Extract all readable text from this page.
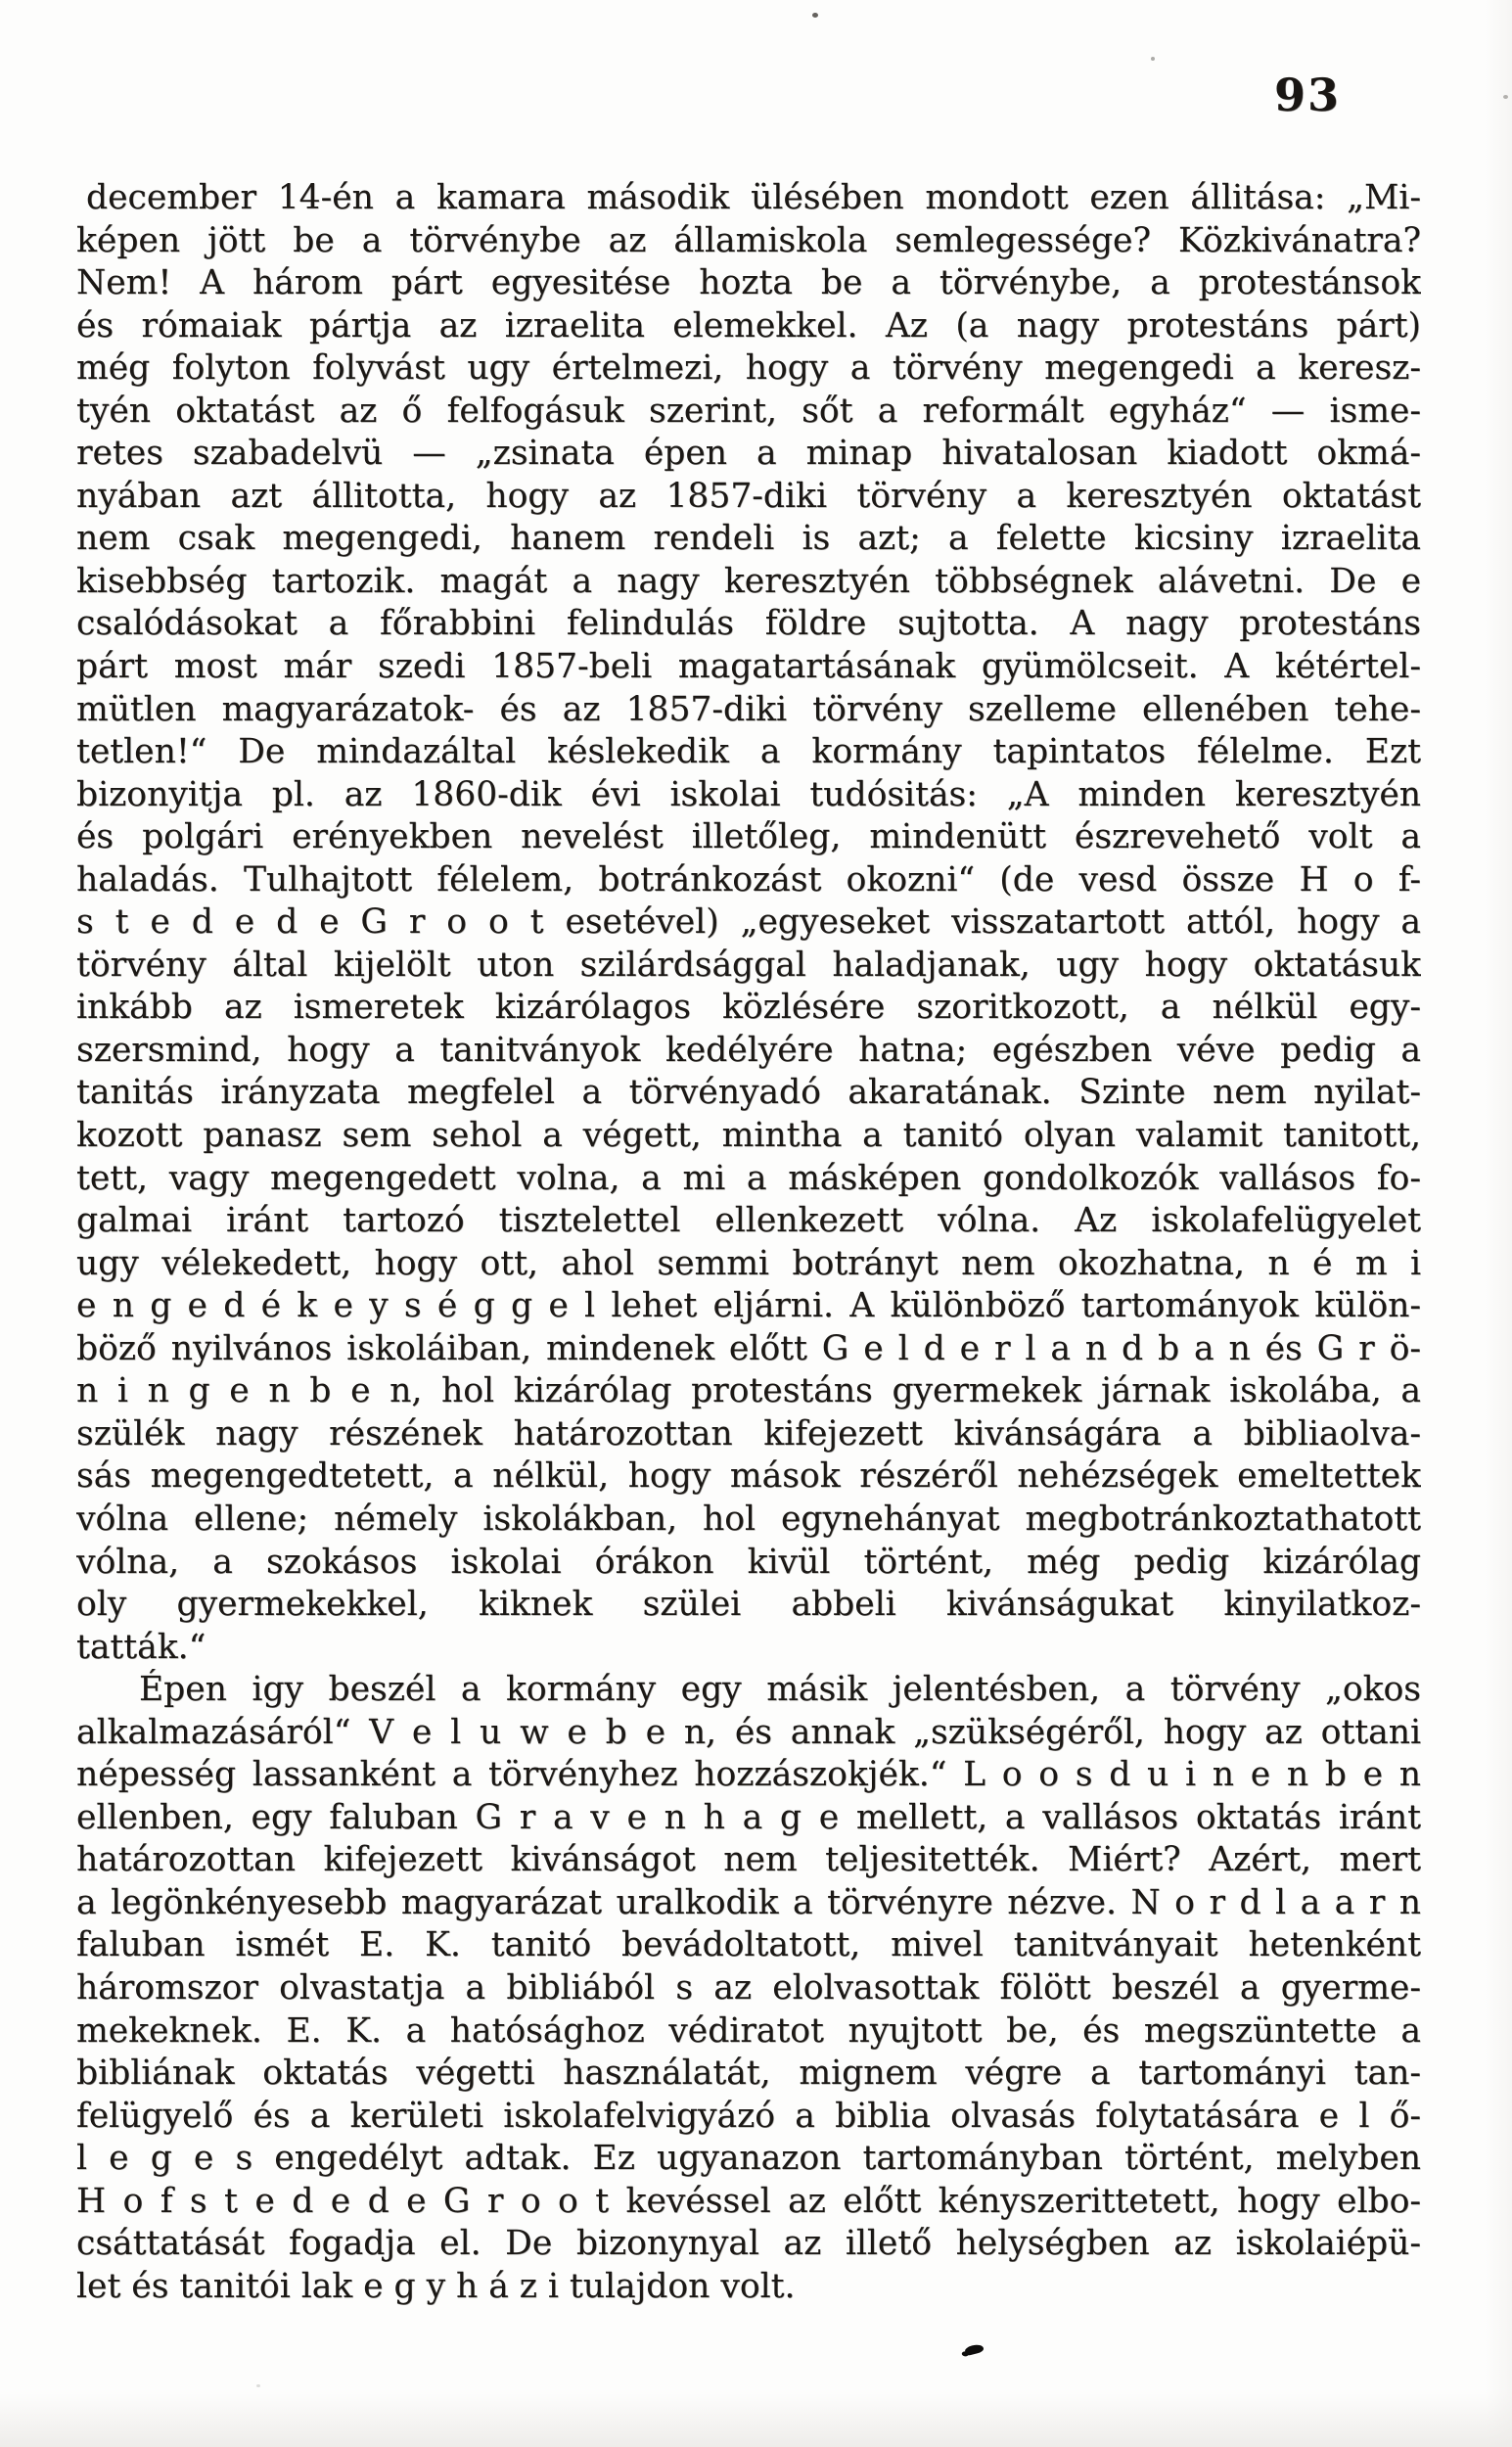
93
december 14-én a kamara második ülésében mondott ezen állitása: „Mi-
képen jött be a törvénybe az államiskola semlegessége? Közkivánatra?
Nem! A három párt egyesitése hozta be a törvénybe, a protestánsok
és rómaiak pártja az izraelita elemekkel. Az (a nagy protestáns párt)
még folyton folyvást ugy értelmezi, hogy a törvény megengedi a keresz-
tyén oktatást az ő felfogásuk szerint, sőt a reformált egyház“ — isme-
retes szabadelvü — „zsinata épen a minap hivatalosan kiadott okmá-
nyában azt állitotta, hogy az 1857-diki törvény a keresztyén oktatást
nem csak megengedi, hanem rendeli is azt; a felette kicsiny izraelita
kisebbség tartozik. magát a nagy keresztyén többségnek alávetni. De e
csalódásokat a főrabbini felindulás földre sujtotta. A nagy protestáns
párt most már szedi 1857-beli magatartásának gyümölcseit. A kétértel-
mütlen magyarázatok- és az 1857-diki törvény szelleme ellenében tehe-
tetlen!“ De mindazáltal késlekedik a kormány tapintatos félelme. Ezt
bizonyitja pl. az 1860-dik évi iskolai tudósitás: „A minden keresztyén
és polgári erényekben nevelést illetőleg, mindenütt észrevehető volt a
haladás. Tulhajtott félelem, botránkozást okozni“ (de vesd össze H o f-
s t e d e d e G r o o t esetével) „egyeseket visszatartott attól, hogy a
törvény által kijelölt uton szilárdsággal haladjanak, ugy hogy oktatásuk
inkább az ismeretek kizárólagos közlésére szoritkozott, a nélkül egy-
szersmind, hogy a tanitványok kedélyére hatna; egészben véve pedig a
tanitás irányzata megfelel a törvényadó akaratának. Szinte nem nyilat-
kozott panasz sem sehol a végett, mintha a tanitó olyan valamit tanitott,
tett, vagy megengedett volna, a mi a másképen gondolkozók vallásos fo-
galmai iránt tartozó tisztelettel ellenkezett vólna. Az iskolafelügyelet
ugy vélekedett, hogy ott, ahol semmi botrányt nem okozhatna, n é m i
e n g e d é k e y s é g g e l lehet eljárni. A különböző tartományok külön-
böző nyilvános iskoláiban, mindenek előtt G e l d e r l a n d b a n és G r ö-
n i n g e n b e n, hol kizárólag protestáns gyermekek járnak iskolába, a
szülék nagy részének határozottan kifejezett kivánságára a bibliaolva-
sás megengedtetett, a nélkül, hogy mások részéről nehézségek emeltettek
vólna ellene; némely iskolákban, hol egynehányat megbotránkoztathatott
vólna, a szokásos iskolai órákon kivül történt, még pedig kizárólag
oly gyermekekkel, kiknek szülei abbeli kivánságukat kinyilatkoz-
tatták.“
Épen igy beszél a kormány egy másik jelentésben, a törvény „okos
alkalmazásáról“ V e l u w e b e n, és annak „szükségéről, hogy az ottani
népesség lassanként a törvényhez hozzászokjék.“ L o o s d u i n e n b e n
ellenben, egy faluban G r a v e n h a g e mellett, a vallásos oktatás iránt
határozottan kifejezett kivánságot nem teljesitették. Miért? Azért, mert
a legönkényesebb magyarázat uralkodik a törvényre nézve. N o r d l a a r n
faluban ismét E. K. tanitó bevádoltatott, mivel tanitványait hetenként
háromszor olvastatja a bibliából s az elolvasottak fölött beszél a gyerme-
mekeknek. E. K. a hatósághoz védiratot nyujtott be, és megszüntette a
bibliának oktatás végetti használatát, mignem végre a tartományi tan-
felügyelő és a kerületi iskolafelvigyázó a biblia olvasás folytatására e l ő-
l e g e s engedélyt adtak. Ez ugyanazon tartományban történt, melyben
H o f s t e d e d e G r o o t kevéssel az előtt kényszerittetett, hogy elbo-
csáttatását fogadja el. De bizonynyal az illető helységben az iskolaiépü-
let és tanitói lak e g y h á z i tulajdon volt.
